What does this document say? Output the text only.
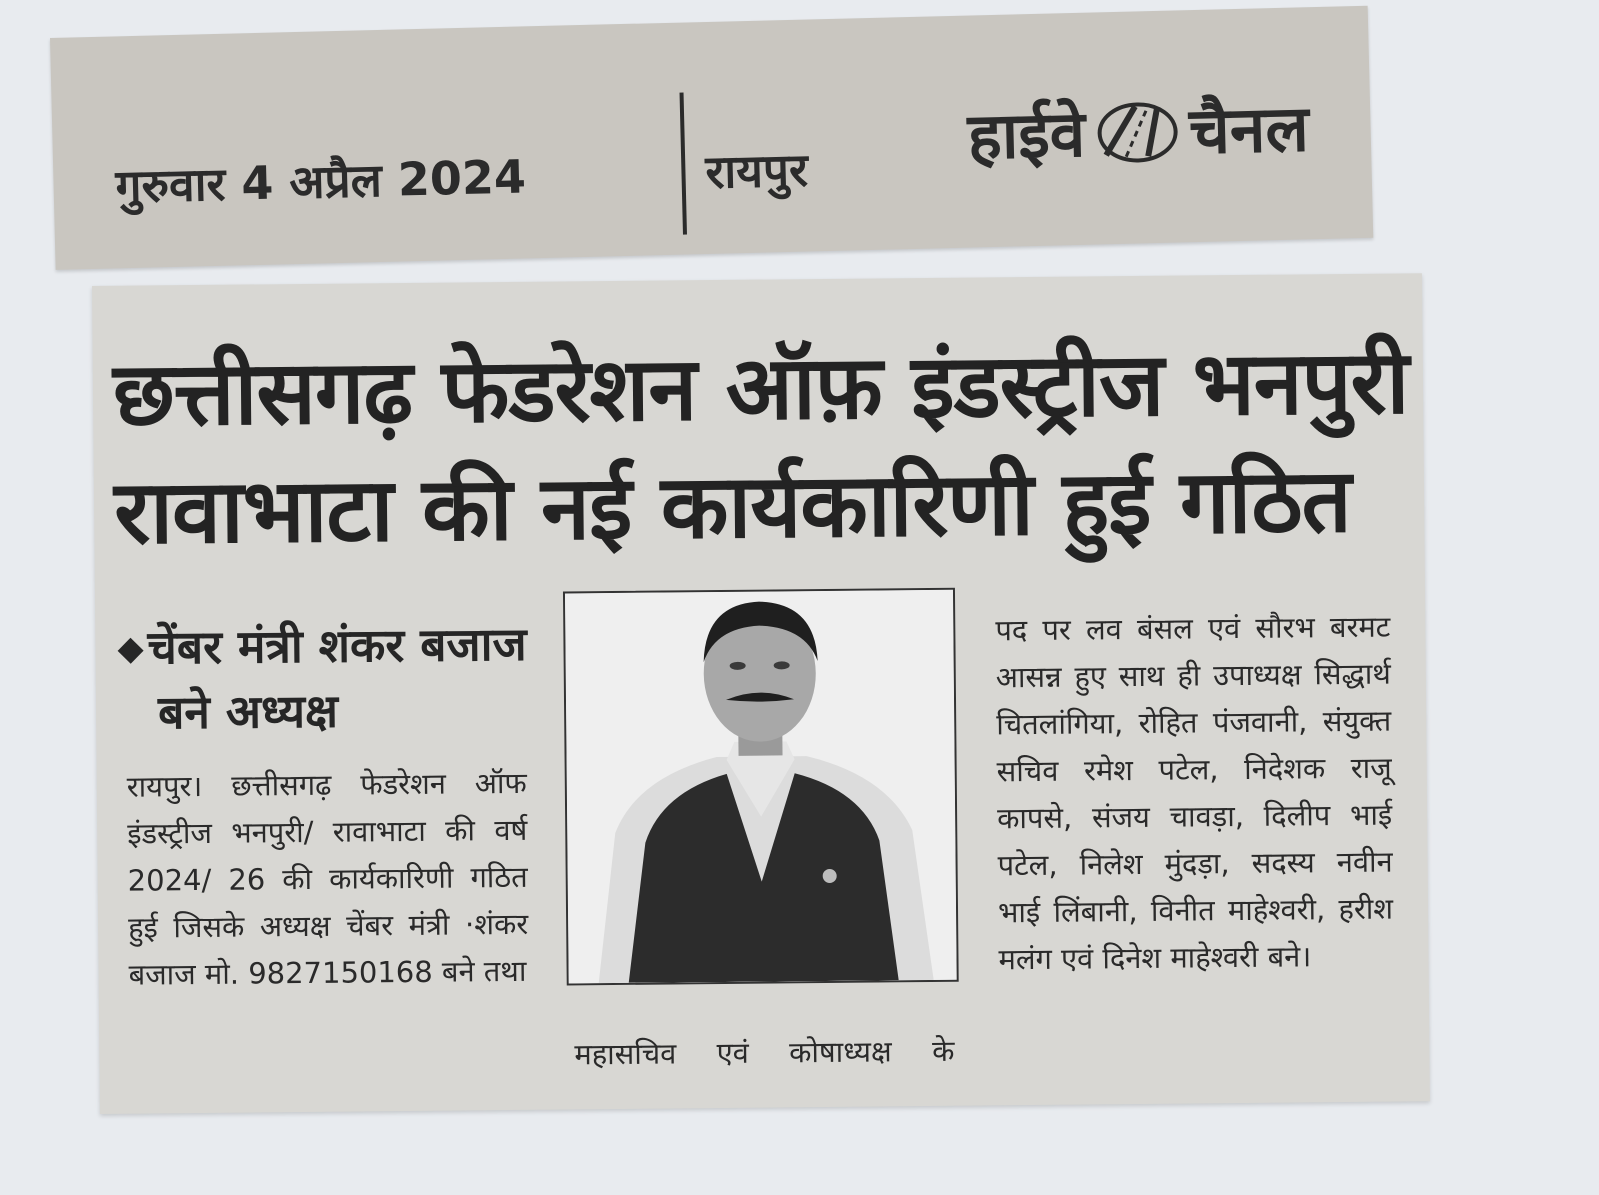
गुरुवार 4 अप्रैल 2024	रायपुर हाईवे चैनल
छत्तीसगढ़ फेडरेशन ऑफ़ इंडस्ट्रीज भनपुरी
रावाभाटा की नई कार्यकारिणी हुई गठित
◆चेंबर मंत्री शंकर बजाज
बने अध्यक्ष
रायपुर। छत्तीसगढ़ फेडरेशन ऑफ इंडस्ट्रीज भनपुरी/ रावाभाटा की वर्ष 2024/ 26 की कार्यकारिणी गठित हुई जिसके अध्यक्ष चेंबर मंत्री ·शंकर बजाज मो. 9827150168 बने तथा
महासचिव एवं कोषाध्यक्ष के
पद पर लव बंसल एवं सौरभ बरमट आसन्न हुए साथ ही उपाध्यक्ष सिद्धार्थ चितलांगिया, रोहित पंजवानी, संयुक्त सचिव रमेश पटेल, निदेशक राजू कापसे, संजय चावड़ा, दिलीप भाई पटेल, निलेश मुंदड़ा, सदस्य नवीन भाई लिंबानी, विनीत माहेश्वरी, हरीश मलंग एवं दिनेश माहेश्वरी बने।
